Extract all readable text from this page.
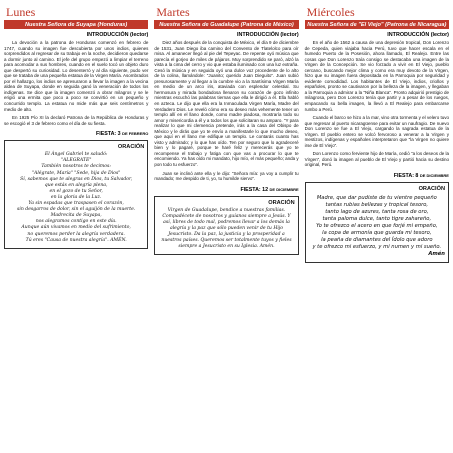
Lunes
Nuestra Señora de Suyapa (Honduras)
INTRODUCCIÓN (lector)

La devoción a la patrona de Honduras comenzó en febrero de 1747, cuando su imagen fue descubierta por unos indios, quienes sorprendidos al regresar de su trabajo en la noche, decidieron quedarse a dormir junto al camino. El jefe del grupo empezó a limpiar el terreno para acomodar a sus hombres, cuando en el suelo tocó un objeto duro que despertó su curiosidad. Lo desenterró y al día siguiente, pudo ver que se trataba de una pequeña estatua de la Virgen María. Asombrados por el hallazgo, los indios se apresuraron a llevar la imagen a la vecina aldea de Suyapa, donde en seguida ganó la veneración de todos los indígenas. Se dice que la imagen comenzó a obrar milagros y se le erigió una ermita que poco a poco se convirtió en un pequeño y concurrido templo. La estatua no mide más que seis centímetros y medio de alto.

En 1925 Pío XI la declaró Patrona de la República de Honduras y se escogió el 3 de febrero como el día de su fiesta.

FIESTA: 3 DE FEBRERO
ORACIÓN
El Ángel Gabriel te saludó:
"ALEGRATE"
También nosotros te decimos:
"Alégrate, María" "Sede, hija de Dios"
Sí, sabemos que te alegras en Dios, tu Salvador,
que estás en alegría plena,
en el gozo de tu Señor,
en la gloria de la Luz.
Ya sin espadas que traspasen el corazón,
sin desgarros de dolor, sin el aguijón de la muerte.
Madrecita de Suyapa,
nos alegramos contigo en este día.
Aunque aún vivamos en medio del sufrimiento,
no queremos perder la alegría verdadera.
Tú eres "Causa de nuestra alegría". AMÉN.
Martes
Nuestra Señora de Guadalupe (Patrona de México)
INTRODUCCIÓN (lector)

Diez años después de la conquista de México, el día 9 de diciembre de 1531, Juan Diego iba camino del Convento de Tlatelolco para oír misa. Al amanecer llegó al pie del Tepeyac. De repente oyó música que parecía el gorjeo de miles de pájaros. Muy sorprendido se paró, alzó la vista a la cima del cerro y vio que estaba iluminado con una luz extraña. Cesó la música y en seguida oyó una dulce voz procedente de lo alto de la colina, llamándole: "Juanito; querido Juan Dieguito". Juan subió presurosamente y al llegar a la cumbre vio a la Santísima Virgen María en medio de un arco iris, ataviada con esplendor celestial. Su hermosura y mirada bondadosa llenaron su corazón de gozo infinito mientras escuchó las palabras tiernas que ella le dirigió a él. Ella habló en azteca. Le dijo que ella era la Inmaculada Virgen María, Madre del Verdadero Dios. Le reveló cómo era su deseo más vehemente tener un templo allí en el llano donde, como madre piadosa, mostraría todo su amor y misericordia a él y a todos los que solicitaran su amparo. "Y para realizar lo que mi clemencia pretende, irás a la casa del Obispo de México y le dirás que yo te envío a manifestarle lo que mucho deseo, que aquí en el llano me edifique un templo. Le contarás cuanto has visto y admirado; y lo que has oído. Ten por seguro que lo agradeceré bien y lo pagaré, porque te haré feliz y merecerás que yo te recompense el trabajo y fatiga con que vas a procurar lo que te encomiendo. Ya has oído mi mandato, hijo mío, el más pequeño; anda y pon todo tu esfuerzo".

Juan se inclinó ante ella y le dijo: "Señora mía: ya voy a cumplir tu mandado; me despido de ti, yo, tu humilde siervo".

FIESTA: 12 DE DICIEMBRE
ORACIÓN
Virgen de Guadalupe, bendice a nuestras familias.
Compadécete de nosotros y guíanos siempre a Jesús. Y así, libres de todo mal, podremos llevar a los demás la alegría y la paz que sólo pueden venir de tu Hijo Jesucristo. Da la paz, la justicia y la prosperidad a nuestros países. Queremos ser totalmente tuyos y fieles siempre a Jesucristo en su Iglesia. Amén.
Miércoles
Nuestra Señora de "El Viejo" (Patrona de Nicaragua)
INTRODUCCIÓN (lector)

En el año de 1562 a causa de una depresión tropical, Don Lorenzo de Cepeda, quien viajaba hacia Perú, tuvo que hacer escala en el humedo Puerto de la Posesión, ahora llamado, El Realejo. Entre las cosas que Don Lorenzo traía consigo se destacaba una imagen de la Virgen de la Concepción. Se vio forzado a vivir en El Viejo, pueblo cercano, buscando mejor clima y como era muy devoto de la Virgen, hizo que su imagen fuera depositada en la Parroquia por seguridad y evidente comodidad. Los habitantes de El Viejo, indios, criollos y españoles, pronto se cautivaron por la belleza de la imagen, y llegaban a la Parroquia a admirar a la "Niña Blanca". Pronto adquirió prestigio de milagrosa, pero Don Lorenzo tenía que partir y a pesar de los ruegos, empacando su bella imagen, la llevó a El Realejo para embarcarse rumbo a Perú.

Cuando el barco se hizo a la mar, vino otra tormenta y el velero tuvo que regresar al puerto nicaragüense para evitar un naufragio. De nuevo Don Lorenzo se fue a El Viejo, cargando la sagrada estatua de la Virgen. El pueblo entero se volcó fervoroso a venerar a la Virgen y mestizos, indígenas y españoles interpretaron que "la Virgen no quiere irse de El Viejo".

Don Lorenzo como ferviente hijo de María, cedió "a los deseos de la Virgen", donó la imagen al pueblo de El Viejo y partió hacia su destino original, Perú.

FIESTA: 8 DE DICIEMBRE
ORACIÓN
Madre, que dar pudiste de tu vientre pequeño
tantas rubias bellezas y tropical tesoro,
tanto lago de azures, tanta rosa de oro,
tanta paloma dulce, tanto tigre zahareño,
Yo te ofrezco el acero en que forjé mi empeño,
la copa de armonía que guarda mi tesoro,
la peaña de diamantes del Ídolo que adoro
y te ofrezco mi esfuerzo, y mi numen y mi sueño.
Amén
